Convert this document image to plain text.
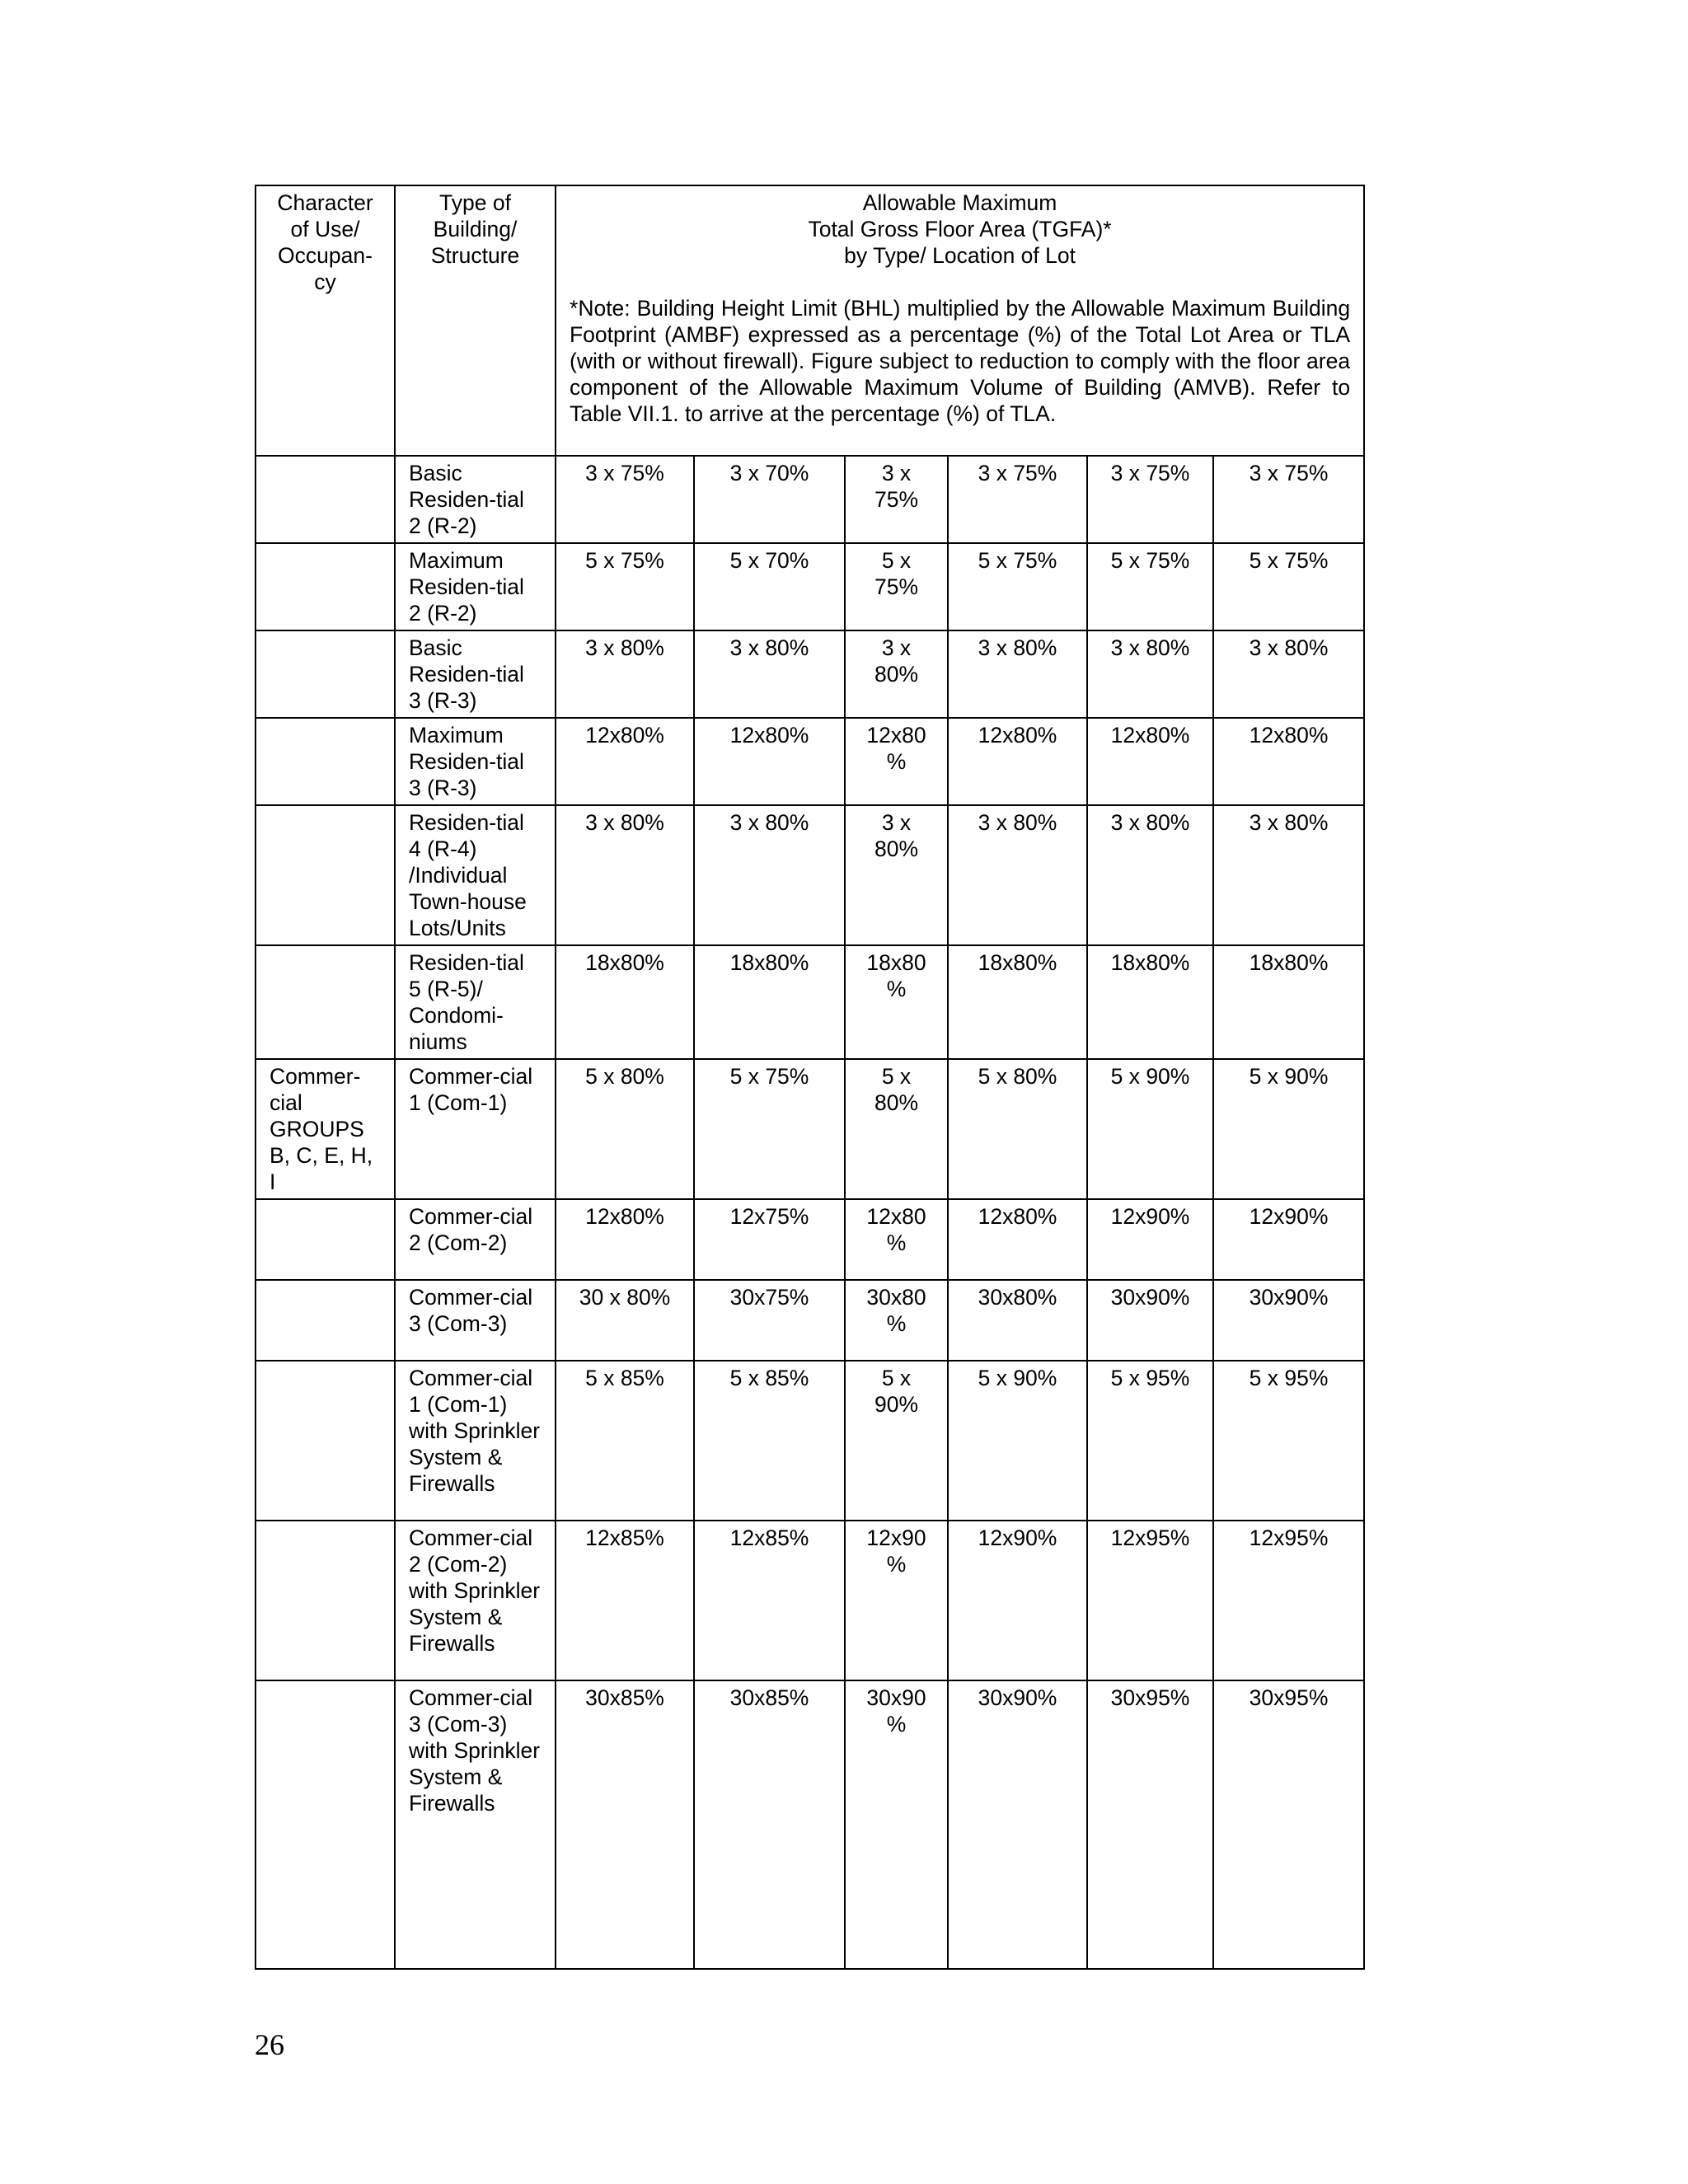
Character of Use/ Occupan-cy	Type of Building/ Structure	Allowable Maximum
Total Gross Floor Area (TGFA)*
by Type/ Location of Lot
*Note: Building Height Limit (BHL) multiplied by the Allowable Maximum Building Footprint (AMBF) expressed as a percentage (%) of the Total Lot Area or TLA (with or without firewall). Figure subject to reduction to comply with the floor area component of the Allowable Maximum Volume of Building (AMVB). Refer to Table VII.1. to arrive at the percentage (%) of TLA.					

	Basic Residen-tial 2 (R-2)	3 x 75%	3 x 70%	3 x 75%	3 x 75%	3 x 75%	3 x 75%
	Maximum Residen-tial 2 (R-2)	5 x 75%	5 x 70%	5 x 75%	5 x 75%	5 x 75%	5 x 75%
	Basic Residen-tial 3 (R-3)	3 x 80%	3 x 80%	3 x 80%	3 x 80%	3 x 80%	3 x 80%
	Maximum Residen-tial 3 (R-3)	12x80%	12x80%	12x80 %	12x80%	12x80%	12x80%
	Residen-tial 4 (R-4) /Individual Town-house Lots/Units	3 x 80%	3 x 80%	3 x 80%	3 x 80%	3 x 80%	3 x 80%
	Residen-tial 5 (R-5)/ Condomi-niums	18x80%	18x80%	18x80 %	18x80%	18x80%	18x80%
Commer-cial GROUPS B, C, E, H, I	Commer-cial 1 (Com-1)	5 x 80%	5 x 75%	5 x 80%	5 x 80%	5 x 90%	5 x 90%
	Commer-cial 2 (Com-2)	12x80%	12x75%	12x80 %	12x80%	12x90%	12x90%
	Commer-cial 3 (Com-3)	30 x 80%	30x75%	30x80 %	30x80%	30x90%	30x90%
	Commer-cial 1 (Com-1) with Sprinkler System & Firewalls	5 x 85%	5 x 85%	5 x 90%	5 x 90%	5 x 95%	5 x 95%
	Commer-cial 2 (Com-2) with Sprinkler System & Firewalls	12x85%	12x85%	12x90 %	12x90%	12x95%	12x95%
	Commer-cial 3 (Com-3) with Sprinkler System & Firewalls	30x85%	30x85%	30x90 %	30x90%	30x95%	30x95%
26
